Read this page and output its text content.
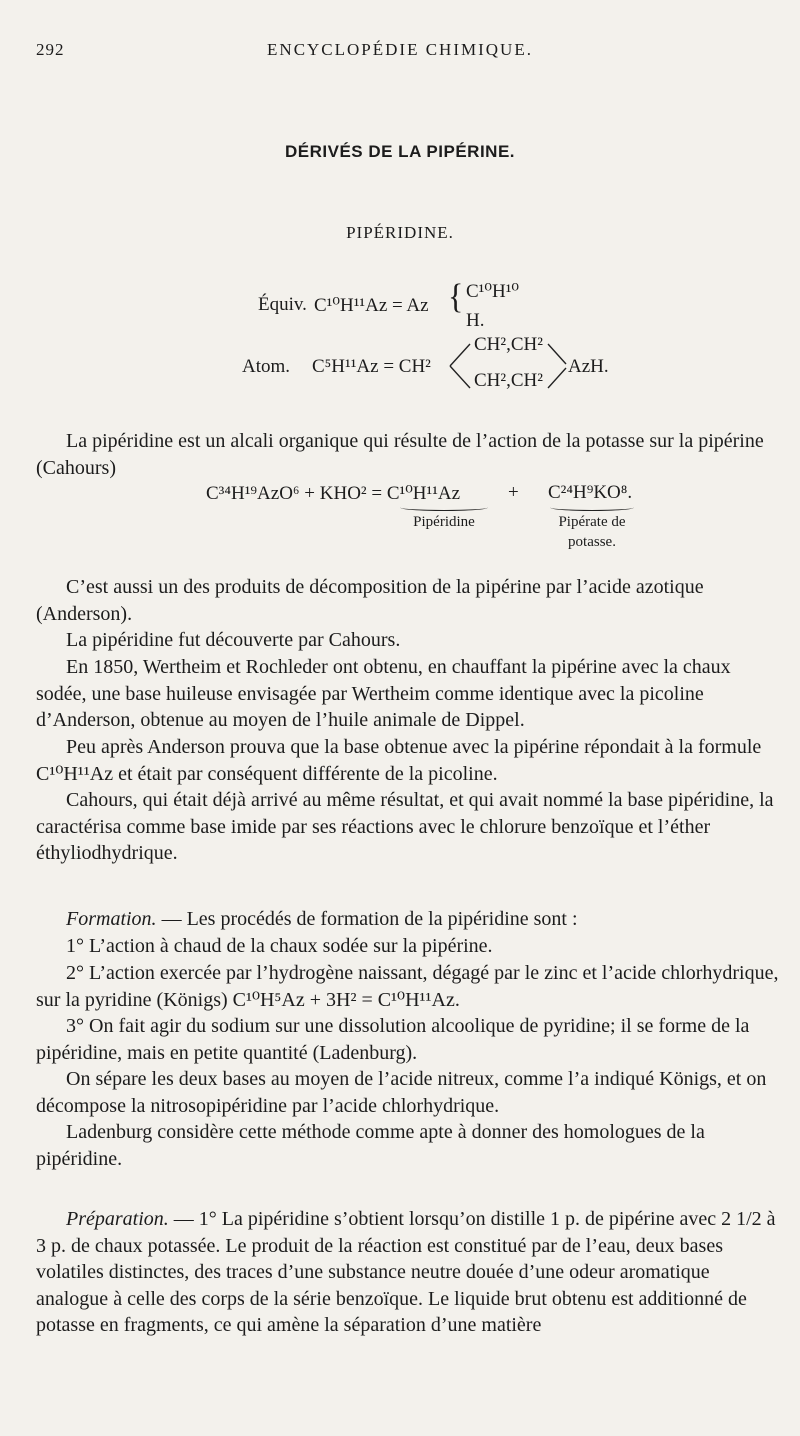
292	ENCYCLOPÉDIE CHIMIQUE.
DÉRIVÉS DE LA PIPÉRINE.
PIPÉRIDINE.
Équiv. C¹⁰H¹¹Az = Az { C¹⁰H¹⁰
H.
Atom. C⁵H¹¹Az = CH²
CH²,CH²
CH²,CH²
AzH.
La pipéridine est un alcali organique qui résulte de l’action de la potasse sur la pipérine (Cahours)
C³⁴H¹⁹AzO⁶ + KHO² = C¹⁰H¹¹Az	+ C²⁴H⁹KO⁸.
Pipéridine	Pipérate de
potasse.
C’est aussi un des produits de décomposition de la pipérine par l’acide azotique (Anderson).
La pipéridine fut découverte par Cahours.
En 1850, Wertheim et Rochleder ont obtenu, en chauffant la pipérine avec la chaux sodée, une base huileuse envisagée par Wertheim comme identique avec la picoline d’Anderson, obtenue au moyen de l’huile animale de Dippel.
Peu après Anderson prouva que la base obtenue avec la pipérine répondait à la formule C¹⁰H¹¹Az et était par conséquent différente de la picoline.
Cahours, qui était déjà arrivé au même résultat, et qui avait nommé la base pipéridine, la caractérisa comme base imide par ses réactions avec le chlorure benzoïque et l’éther éthyliodhydrique.
Formation. — Les procédés de formation de la pipéridine sont :
1° L’action à chaud de la chaux sodée sur la pipérine.
2° L’action exercée par l’hydrogène naissant, dégagé par le zinc et l’acide chlorhydrique, sur la pyridine (Königs) C¹⁰H⁵Az + 3H² = C¹⁰H¹¹Az.
3° On fait agir du sodium sur une dissolution alcoolique de pyridine; il se forme de la pipéridine, mais en petite quantité (Ladenburg).
On sépare les deux bases au moyen de l’acide nitreux, comme l’a indiqué Königs, et on décompose la nitrosopipéridine par l’acide chlorhydrique.
Ladenburg considère cette méthode comme apte à donner des homologues de la pipéridine.
Préparation. — 1° La pipéridine s’obtient lorsqu’on distille 1 p. de pipérine avec 2 1/2 à 3 p. de chaux potassée. Le produit de la réaction est constitué par de l’eau, deux bases volatiles distinctes, des traces d’une substance neutre douée d’une odeur aromatique analogue à celle des corps de la série benzoïque. Le liquide brut obtenu est additionné de potasse en fragments, ce qui amène la séparation d’une matière
